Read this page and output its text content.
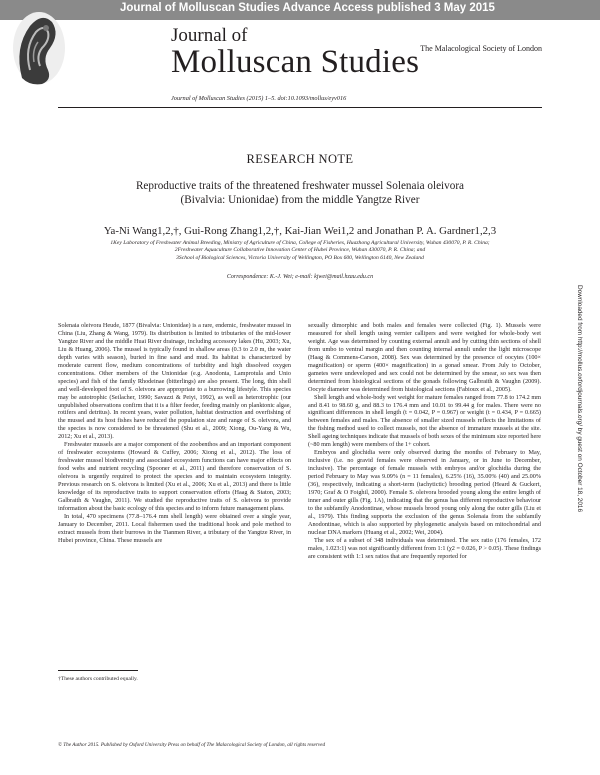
Journal of Molluscan Studies Advance Access published 3 May 2015
Journal of
Molluscan Studies The Malacological Society of London
Journal of Molluscan Studies (2015) 1–5. doi:10.1093/mollus/eyv016
RESEARCH NOTE
Reproductive traits of the threatened freshwater mussel Solenaia oleivora
(Bivalvia: Unionidae) from the middle Yangtze River
Ya-Ni Wang1,2,†, Gui-Rong Zhang1,2,†, Kai-Jian Wei1,2 and Jonathan P. A. Gardner1,2,3
1Key Laboratory of Freshwater Animal Breeding, Ministry of Agriculture of China, College of Fisheries, Huazhong Agricultural University, Wuhan 430070, P. R. China;
2Freshwater Aquaculture Collaborative Innovation Center of Hubei Province, Wuhan 430070, P. R. China; and
3School of Biological Sciences, Victoria University of Wellington, PO Box 600, Wellington 6140, New Zealand
Correspondence: K.-J. Wei; e-mail: kjwei@mail.hzau.edu.cn

Solenaia oleivora Heude, 1877 (Bivalvia: Unionidae) is a rare, endemic, freshwater mussel in China (Liu, Zhang & Wang, 1979). Its distribution is limited to tributaries of the mid-lower Yangtze River and the middle Huai River drainage, including accessory lakes (Hu, 2003; Xu, Liu & Huang, 2006). The mussel is typically found in shallow areas (0.3 to 2.0 m, the water depth varies with season), buried in fine sand and mud. Its habitat is characterized by moderate current flow, medium concentrations of turbidity and high dissolved oxygen concentrations. Other members of the Unionidae (e.g. Anodonta, Lamprotula and Unio species) and fish of the family Rhodeinae (bitterlings) are also present. The long, thin shell and well-developed foot of S. oleivora are appropriate to a burrowing lifestyle. This species may be autotrophic (Seilacher, 1990; Savazzi & Peiyi, 1992), as well as heterotrophic (our unpublished observations confirm that it is a filter feeder, feeding mainly on planktonic algae, rotifers and detritus). In recent years, water pollution, habitat destruction and overfishing of the mussel and its host fishes have reduced the population size and range of S. oleivora, and the species is now considered to be threatened (Shu et al., 2009; Xiong, Ou-Yang & Wu, 2012; Xu et al., 2013).

Freshwater mussels are a major component of the zoobenthos and an important component of freshwater ecosystems (Howard & Cuffey, 2006; Xiong et al., 2012). The loss of freshwater mussel biodiversity and associated ecosystem functions can have major effects on food webs and nutrient recycling (Spooner et al., 2011) and therefore conservation of S. oleivora is urgently required to protect the species and to maintain ecosystem integrity. Previous research on S. oleivora is limited (Xu et al., 2006; Xu et al., 2013) and there is little knowledge of its reproductive traits to support conservation efforts (Haag & Staton, 2003; Galbraith & Vaughn, 2011). We studied the reproductive traits of S. oleivora to provide information about the basic ecology of this species and to inform future management plans.

In total, 470 specimens (77.8–176.4 mm shell length) were obtained over a single year, January to December, 2011. Local fishermen used the traditional hook and pole method to extract mussels from their burrows in the Tianmen River, a tributary of the Yangtze River, in Hubei province, China. These mussels are

sexually dimorphic and both males and females were collected (Fig. 1). Mussels were measured for shell length using vernier callipers and were weighed for whole-body wet weight. Age was determined by counting external annuli and by cutting thin sections of shell from umbo to ventral margin and then counting internal annuli under the light microscope (Haag & Commens-Carson, 2008). Sex was determined by the presence of oocytes (100× magnification) or sperm (400× magnification) in a gonad smear. From July to October, gametes were undeveloped and sex could not be determined by the smear, so sex was then determined from histological sections of the gonads following Galbraith & Vaughn (2009). Oocyte diameter was determined from histological sections (Fabioux et al., 2005).

Shell length and whole-body wet weight for mature females ranged from 77.8 to 174.2 mm and 8.41 to 98.60 g, and 88.3 to 176.4 mm and 10.01 to 99.44 g for males. There were no significant differences in shell length (t = 0.042, P = 0.967) or weight (t = 0.434, P = 0.665) between females and males. The absence of smaller sized mussels reflects the limitations of the fishing method used to collect mussels, not the absence of immature mussels at the site. Shell ageing techniques indicate that mussels of both sexes of the minimum size reported here (~80 mm length) were members of the 1+ cohort.

Embryos and glochidia were only observed during the months of February to May, inclusive (i.e. no gravid females were observed in January, or in June to December, inclusive). The percentage of female mussels with embryos and/or glochidia during the period February to May was 9.09% (n = 11 females), 6.25% (16), 35.00% (40) and 25.00% (36), respectively, indicating a short-term (tachytictic) brooding period (Heard & Guckert, 1970; Graf & O Foighil, 2000). Female S. oleivora brooded young along the entire length of inner and outer gills (Fig. 1A), indicating that the genus has different reproductive behaviour to the subfamily Anodontinae, whose mussels brood young only along the outer gills (Liu et al., 1979). This finding supports the exclusion of the genus Solenaia from the subfamily Anodontinae, which is also supported by phylogenetic analysis based on mitochondrial and nuclear DNA markers (Huang et al., 2002; Wei, 2004).

The sex of a subset of 348 individuals was determined. The sex ratio (176 females, 172 males, 1.023:1) was not significantly different from 1:1 (χ2 = 0.026, P > 0.05). These findings are consistent with 1:1 sex ratios that are frequently reported for

†These authors contributed equally.
© The Author 2015. Published by Oxford University Press on behalf of The Malacological Society of London, all rights reserved
Downloaded from http://mollus.oxfordjournals.org/ by guest on October 18, 2016
